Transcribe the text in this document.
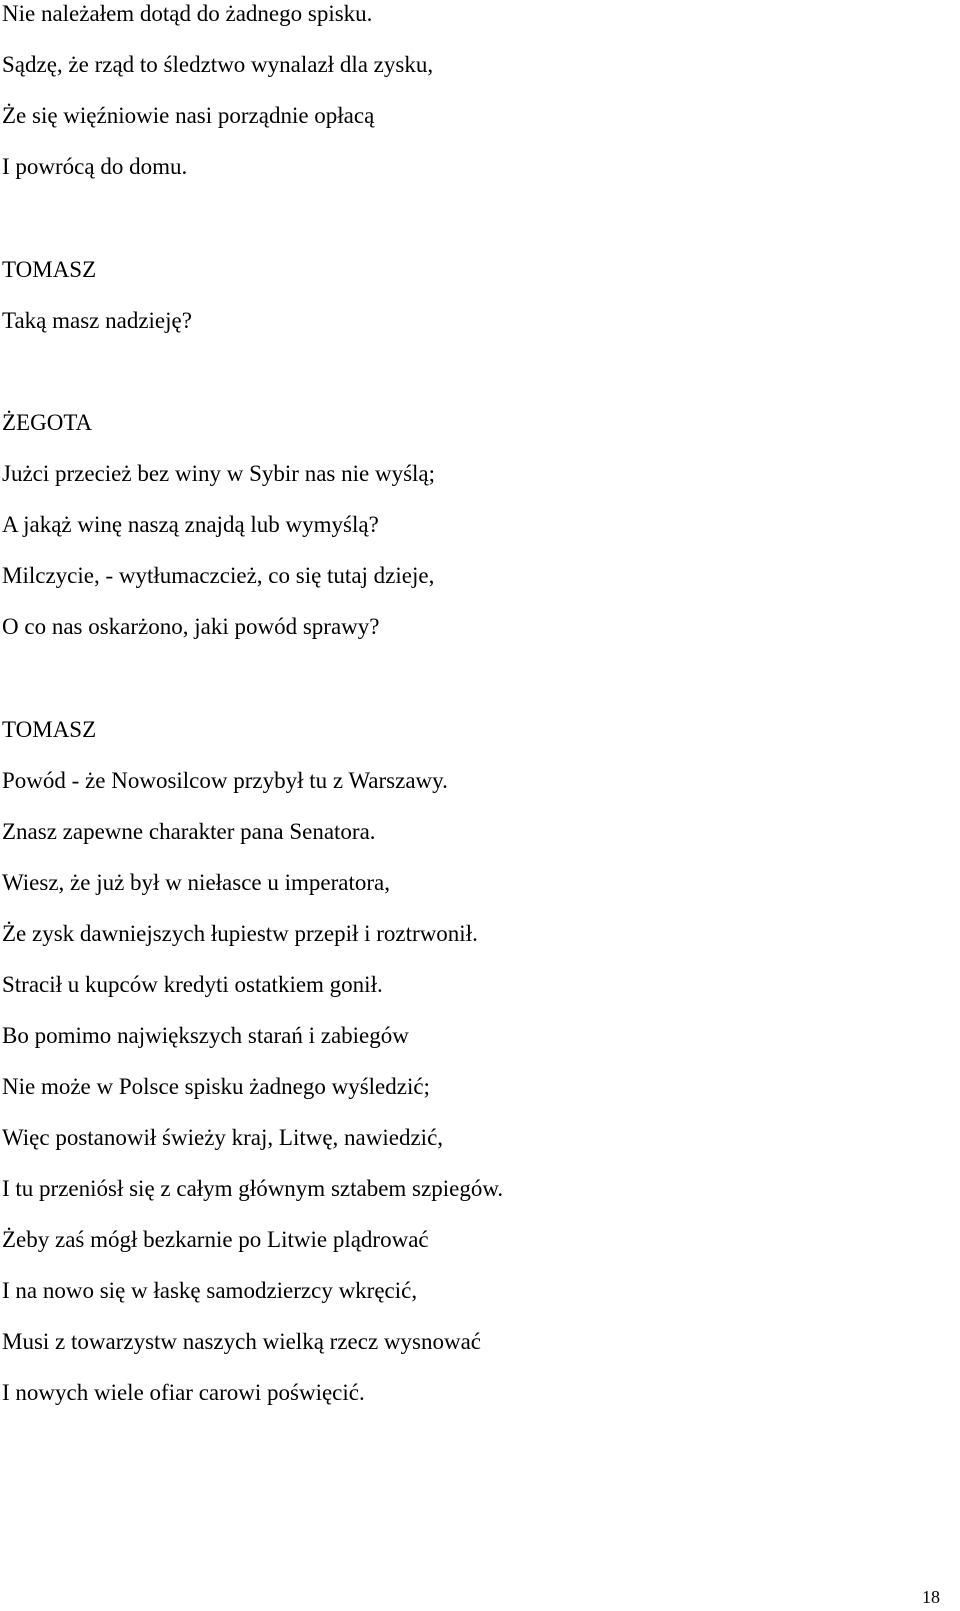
Nie należałem dotąd do żadnego spisku.
Sądzę, że rząd to śledztwo wynalazł dla zysku,
Że się więźniowie nasi porządnie opłacą
I powrócą do domu.
TOMASZ
Taką masz nadzieję?
ŻEGOTA
Jużci przecież bez winy w Sybir nas nie wyślą;
A jakąż winę naszą znajdą lub wymyślą?
Milczycie, - wytłumaczcież, co się tutaj dzieje,
O co nas oskarżono, jaki powód sprawy?
TOMASZ
Powód - że Nowosilcow przybył tu z Warszawy.
Znasz zapewne charakter pana Senatora.
Wiesz, że już był w niełasce u imperatora,
Że zysk dawniejszych łupiestw przepił i roztrwonił.
Stracił u kupców kredyti ostatkiem gonił.
Bo pomimo największych starań i zabiegów
Nie może w Polsce spisku żadnego wyśledzić;
Więc postanowił świeży kraj, Litwę, nawiedzić,
I tu przeniósł się z całym głównym sztabem szpiegów.
Żeby zaś mógł bezkarnie po Litwie plądrować
I na nowo się w łaskę samodzierzcy wkręcić,
Musi z towarzystw naszych wielką rzecz wysnować
I nowych wiele ofiar carowi poświęcić.
18
